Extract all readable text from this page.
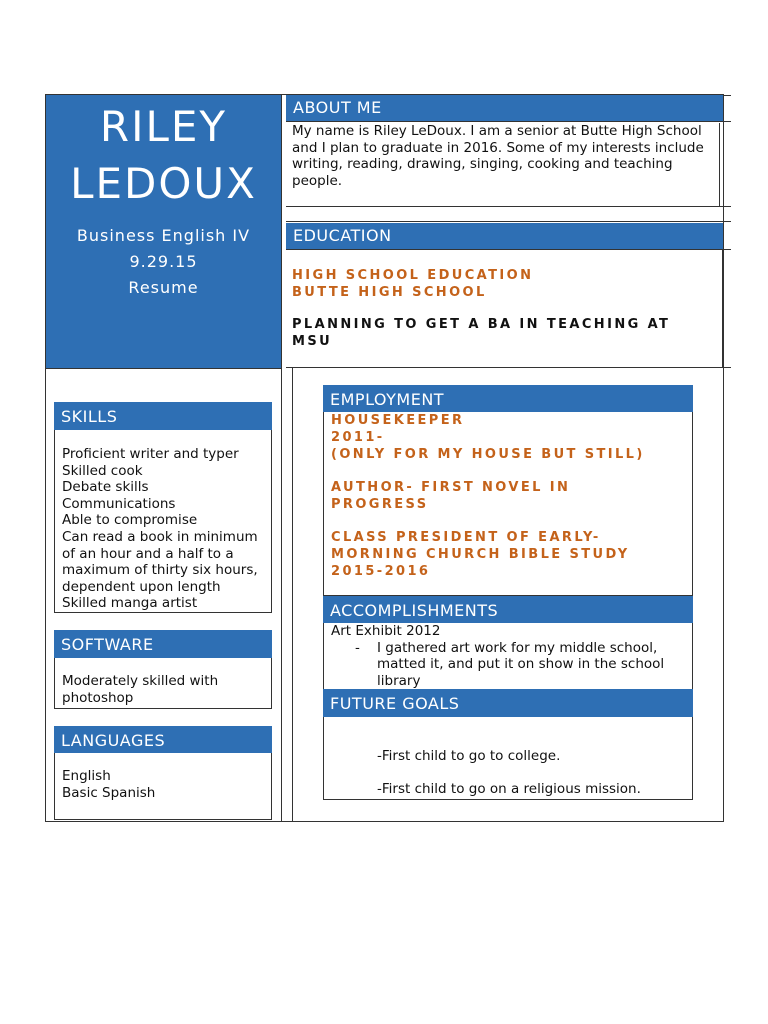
RILEY
LEDOUX
Business English IV
9.29.15
Resume
ABOUT ME
My name is Riley LeDoux. I am a senior at Butte High School and I plan to graduate in 2016. Some of my interests include writing, reading, drawing, singing, cooking and teaching people.
EDUCATION
HIGH SCHOOL EDUCATION
BUTTE HIGH SCHOOL
PLANNING TO GET A BA IN TEACHING AT MSU
SKILLS
Proficient writer and typer
Skilled cook
Debate skills
Communications
Able to compromise
Can read a book in minimum of an hour and a half to a maximum of thirty six hours, dependent upon length
Skilled manga artist
SOFTWARE
Moderately skilled with photoshop
LANGUAGES
English
Basic Spanish
EMPLOYMENT
HOUSEKEEPER
2011-
(ONLY FOR MY HOUSE BUT STILL)
AUTHOR- FIRST NOVEL IN PROGRESS
CLASS PRESIDENT OF EARLY-MORNING CHURCH BIBLE STUDY
2015-2016
ACCOMPLISHMENTS
Art Exhibit 2012
-	I gathered art work for my middle school, matted it, and put it on show in the school library
FUTURE GOALS
-First child to go to college.
-First child to go on a religious mission.
